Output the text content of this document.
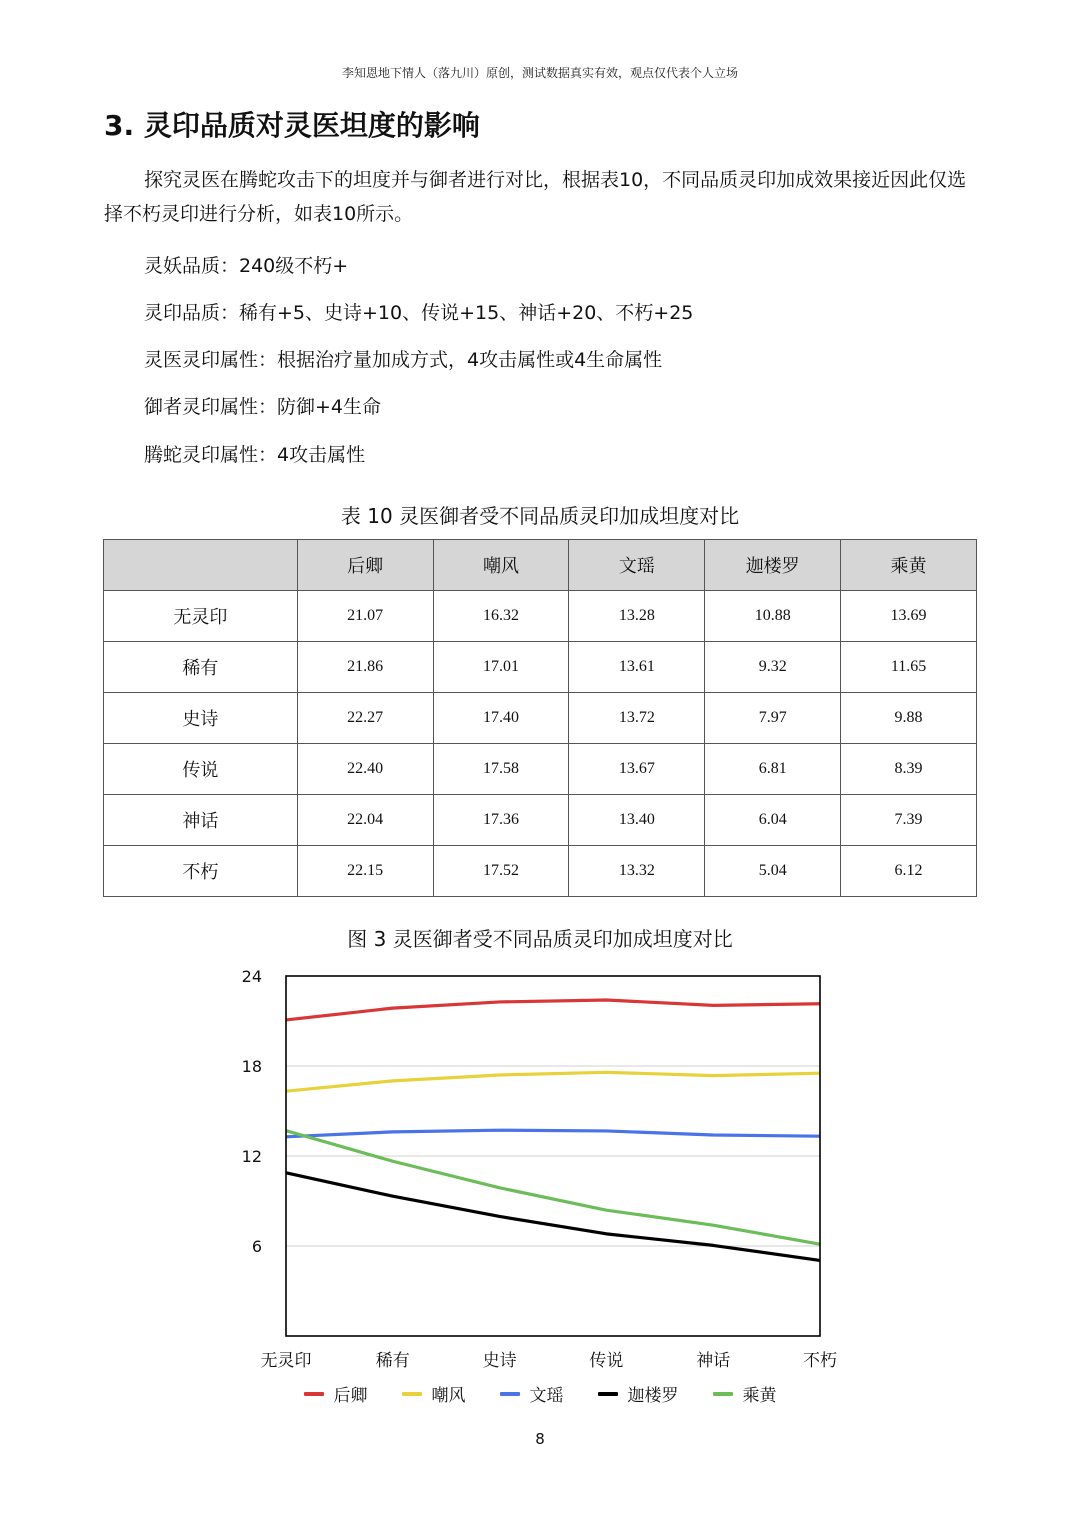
李知恩地下情人（落九川）原创，测试数据真实有效，观点仅代表个人立场
3. 灵印品质对灵医坦度的影响

探究灵医在腾蛇攻击下的坦度并与御者进行对比，根据表10，不同品质灵印加成效果接近因此仅选择不朽灵印进行分析，如表10所示。

灵妖品质：240级不朽+

灵印品质：稀有+5、史诗+10、传说+15、神话+20、不朽+25

灵医灵印属性：根据治疗量加成方式，4攻击属性或4生命属性

御者灵印属性：防御+4生命

腾蛇灵印属性：4攻击属性

表 10 灵医御者受不同品质灵印加成坦度对比

	后卿	嘲风	文瑶	迦楼罗	乘黄
无灵印	21.07	16.32	13.28	10.88	13.69
稀有	21.86	17.01	13.61	9.32	11.65
史诗	22.27	17.40	13.72	7.97	9.88
传说	22.40	17.58	13.67	6.81	8.39
神话	22.04	17.36	13.40	6.04	7.39
不朽	22.15	17.52	13.32	5.04	6.12

图 3 灵医御者受不同品质灵印加成坦度对比

24
18
12
6
无灵印	稀有	史诗	传说	神话	不朽
后卿	嘲风	文瑶	迦楼罗	乘黄
8
